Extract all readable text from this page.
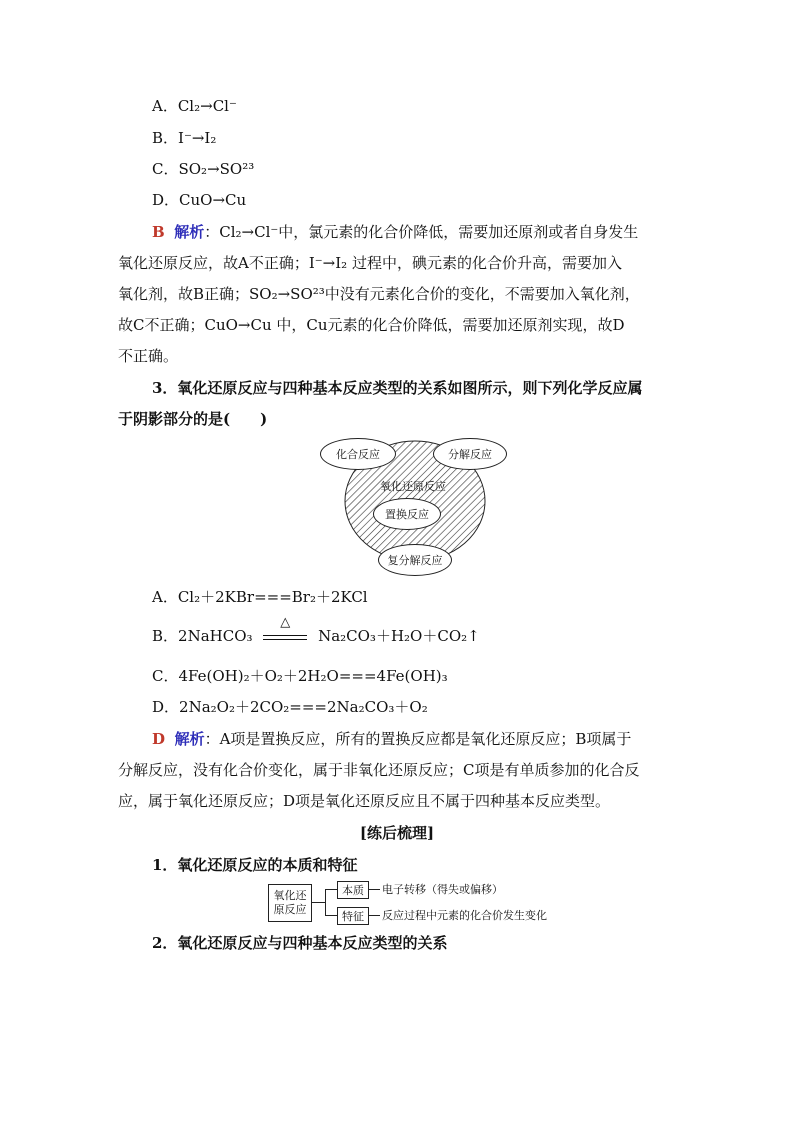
A．Cl₂→Cl⁻
B．I⁻→I₂
C．SO₂→SO²³
D．CuO→Cu
B 解析：Cl₂→Cl⁻中，氯元素的化合价降低，需要加还原剂或者自身发生
氧化还原反应，故A不正确；I⁻→I₂ 过程中，碘元素的化合价升高，需要加入
氧化剂，故B正确；SO₂→SO²³中没有元素化合价的变化，不需要加入氧化剂，
故C不正确；CuO→Cu 中，Cu元素的化合价降低，需要加还原剂实现，故D
不正确。
3．氧化还原反应与四种基本反应类型的关系如图所示，则下列化学反应属
于阴影部分的是(　　)
化合反应	分解反应
氧化还原反应
置换反应
复分解反应
A．Cl₂＋2KBr===Br₂＋2KCl
B．2NaHCO₃
△
Na₂CO₃＋H₂O＋CO₂↑
C．4Fe(OH)₂＋O₂＋2H₂O===4Fe(OH)₃
D．2Na₂O₂＋2CO₂===2Na₂CO₃＋O₂
D 解析：A项是置换反应，所有的置换反应都是氧化还原反应；B项属于
分解反应，没有化合价变化，属于非氧化还原反应；C项是有单质参加的化合反
应，属于氧化还原反应；D项是氧化还原反应且不属于四种基本反应类型。
[练后梳理]
1．氧化还原反应的本质和特征
氧化还原反应
本质
特征
电子转移（得失或偏移）
反应过程中元素的化合价发生变化
2．氧化还原反应与四种基本反应类型的关系
